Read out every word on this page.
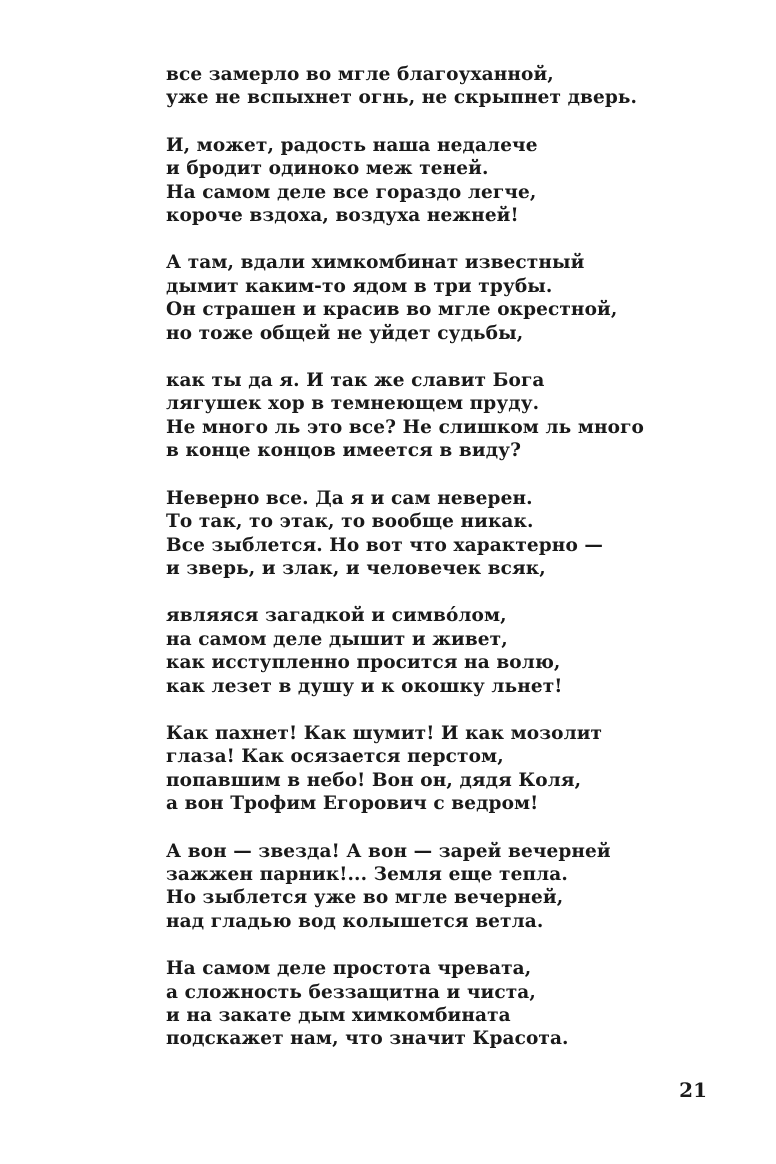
все замерло во мгле благоуханной,
уже не вспыхнет огнь, не скрыпнет дверь.
И, может, радость наша недалече
и бродит одиноко меж теней.
На самом деле все гораздо легче,
короче вздоха, воздуха нежней!
А там, вдали химкомбинат известный
дымит каким-то ядом в три трубы.
Он страшен и красив во мгле окрестной,
но тоже общей не уйдет судьбы,
как ты да я. И так же славит Бога
лягушек хор в темнеющем пруду.
Не много ль это все? Не слишком ль много
в конце концов имеется в виду?
Неверно все. Да я и сам неверен.
То так, то этак, то вообще никак.
Все зыблется. Но вот что характерно —
и зверь, и злак, и человечек всяк,
являяся загадкой и симвóлом,
на самом деле дышит и живет,
как исступленно просится на волю,
как лезет в душу и к окошку льнет!
Как пахнет! Как шумит! И как мозолит
глаза! Как осязается перстом,
попавшим в небо! Вон он, дядя Коля,
а вон Трофим Егорович с ведром!
А вон — звезда! А вон — зарей вечерней
зажжен парник!... Земля еще тепла.
Но зыблется уже во мгле вечерней,
над гладью вод колышется ветла.
На самом деле простота чревата,
а сложность беззащитна и чиста,
и на закате дым химкомбината
подскажет нам, что значит Красота.
21
